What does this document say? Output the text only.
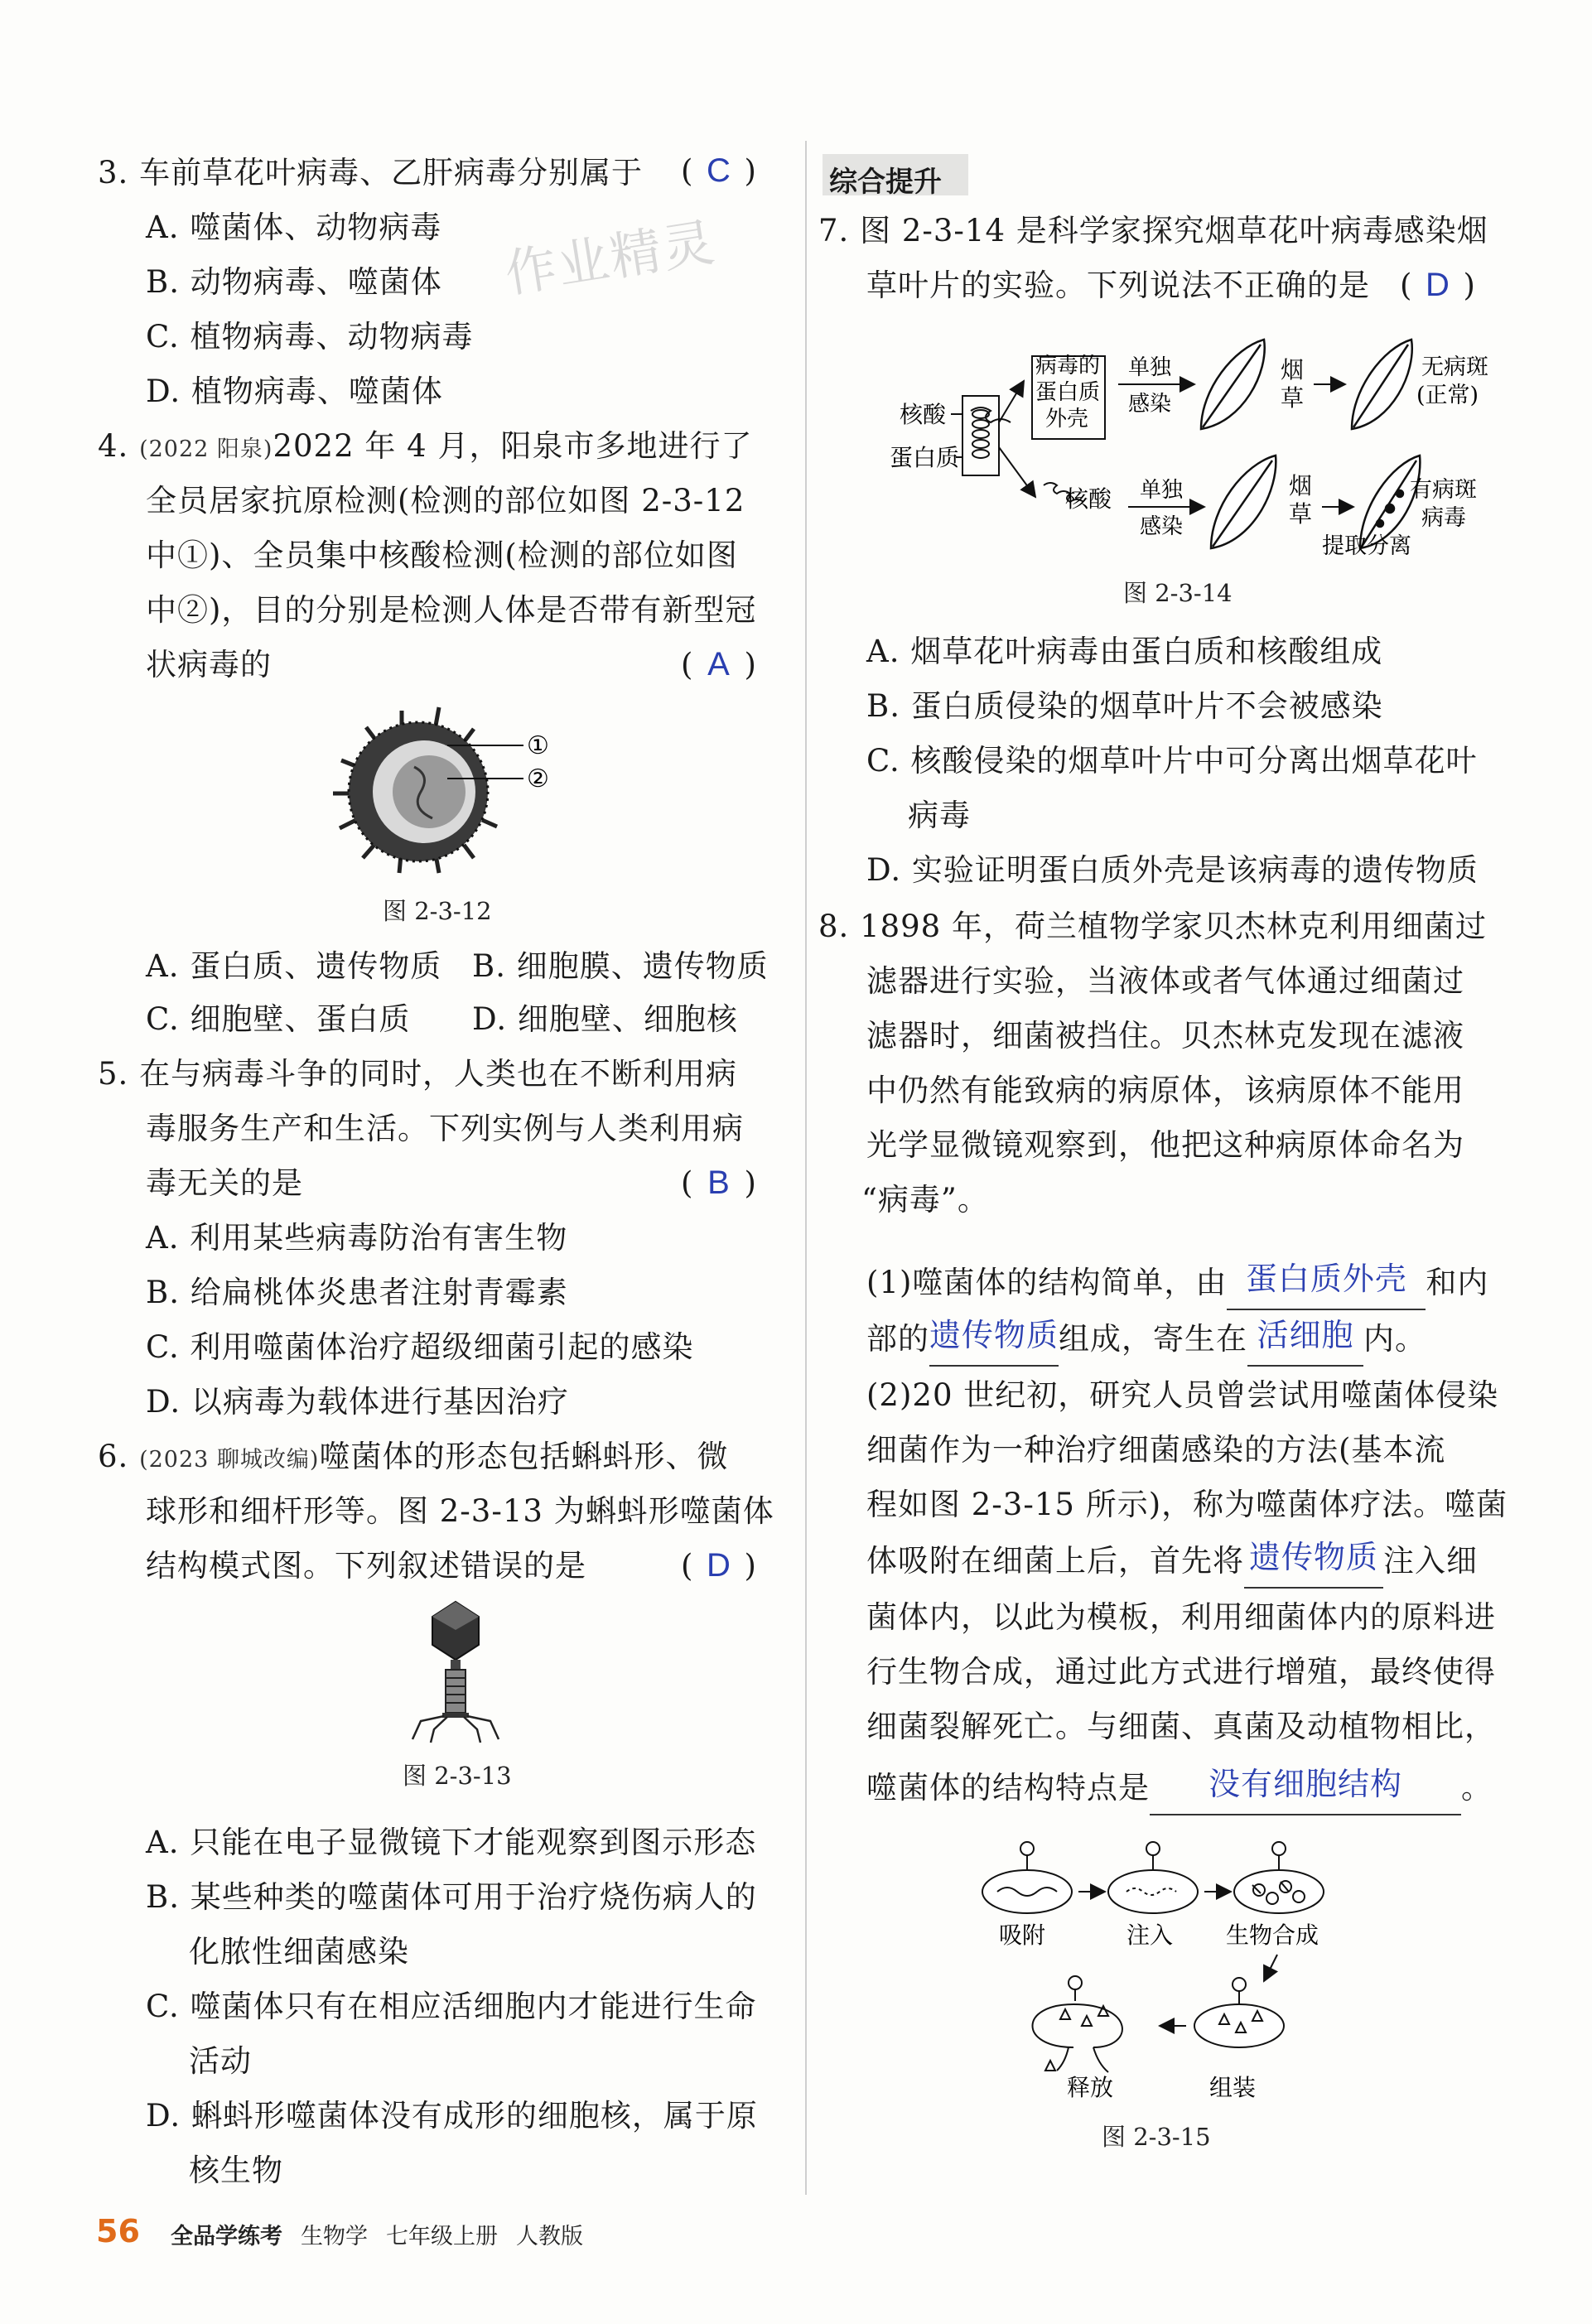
作业精灵
3. 车前草花叶病毒、乙肝病毒分别属于 ( C )
A. 噬菌体、动物病毒
B. 动物病毒、噬菌体
C. 植物病毒、动物病毒
D. 植物病毒、噬菌体
4. (2022 阳泉)2022 年 4 月，阳泉市多地进行了
全员居家抗原检测(检测的部位如图 2-3-12
中①)、全员集中核酸检测(检测的部位如图
中②)，目的分别是检测人体是否带有新型冠
状病毒的	( A )
①
②
图 2-3-12
A. 蛋白质、遗传物质 B. 细胞膜、遗传物质
C. 细胞壁、蛋白质 D. 细胞壁、细胞核
5. 在与病毒斗争的同时，人类也在不断利用病
毒服务生产和生活。下列实例与人类利用病
毒无关的是	( B )
A. 利用某些病毒防治有害生物
B. 给扁桃体炎患者注射青霉素
C. 利用噬菌体治疗超级细菌引起的感染
D. 以病毒为载体进行基因治疗
6. (2023 聊城改编)噬菌体的形态包括蝌蚪形、微
球形和细杆形等。图 2-3-13 为蝌蚪形噬菌体
结构模式图。下列叙述错误的是	( D )
图 2-3-13
A. 只能在电子显微镜下才能观察到图示形态
B. 某些种类的噬菌体可用于治疗烧伤病人的
化脓性细菌感染
C. 噬菌体只有在相应活细胞内才能进行生命
活动
D. 蝌蚪形噬菌体没有成形的细胞核，属于原
核生物
综合提升
7. 图 2-3-14 是科学家探究烟草花叶病毒感染烟
草叶片的实验。下列说法不正确的是 ( D )
核酸
蛋白质
病毒的
蛋白质
外壳
核酸
单独
感染
单独
感染
烟
草
烟
草
无病斑
(正常)
有病斑
病毒
提取分离
图 2-3-14
A. 烟草花叶病毒由蛋白质和核酸组成
B. 蛋白质侵染的烟草叶片不会被感染
C. 核酸侵染的烟草叶片中可分离出烟草花叶
病毒
D. 实验证明蛋白质外壳是该病毒的遗传物质
8. 1898 年，荷兰植物学家贝杰林克利用细菌过
滤器进行实验，当液体或者气体通过细菌过
滤器时，细菌被挡住。贝杰林克发现在滤液
中仍然有能致病的病原体，该病原体不能用
光学显微镜观察到，他把这种病原体命名为
“病毒”。
(1)噬菌体的结构简单，由 蛋白质外壳 和内
部的遗传物质组成，寄生在 活细胞 内。
(2)20 世纪初，研究人员曾尝试用噬菌体侵染
细菌作为一种治疗细菌感染的方法(基本流
程如图 2-3-15 所示)，称为噬菌体疗法。噬菌
体吸附在细菌上后，首先将 遗传物质 注入细
菌体内，以此为模板，利用细菌体内的原料进
行生物合成，通过此方式进行增殖，最终使得
细菌裂解死亡。与细菌、真菌及动植物相比，
噬菌体的结构特点是 没有细胞结构 。
吸附	注入 生物合成
释放	组装
图 2-3-15
56 全品学练考 生物学 七年级上册 人教版
